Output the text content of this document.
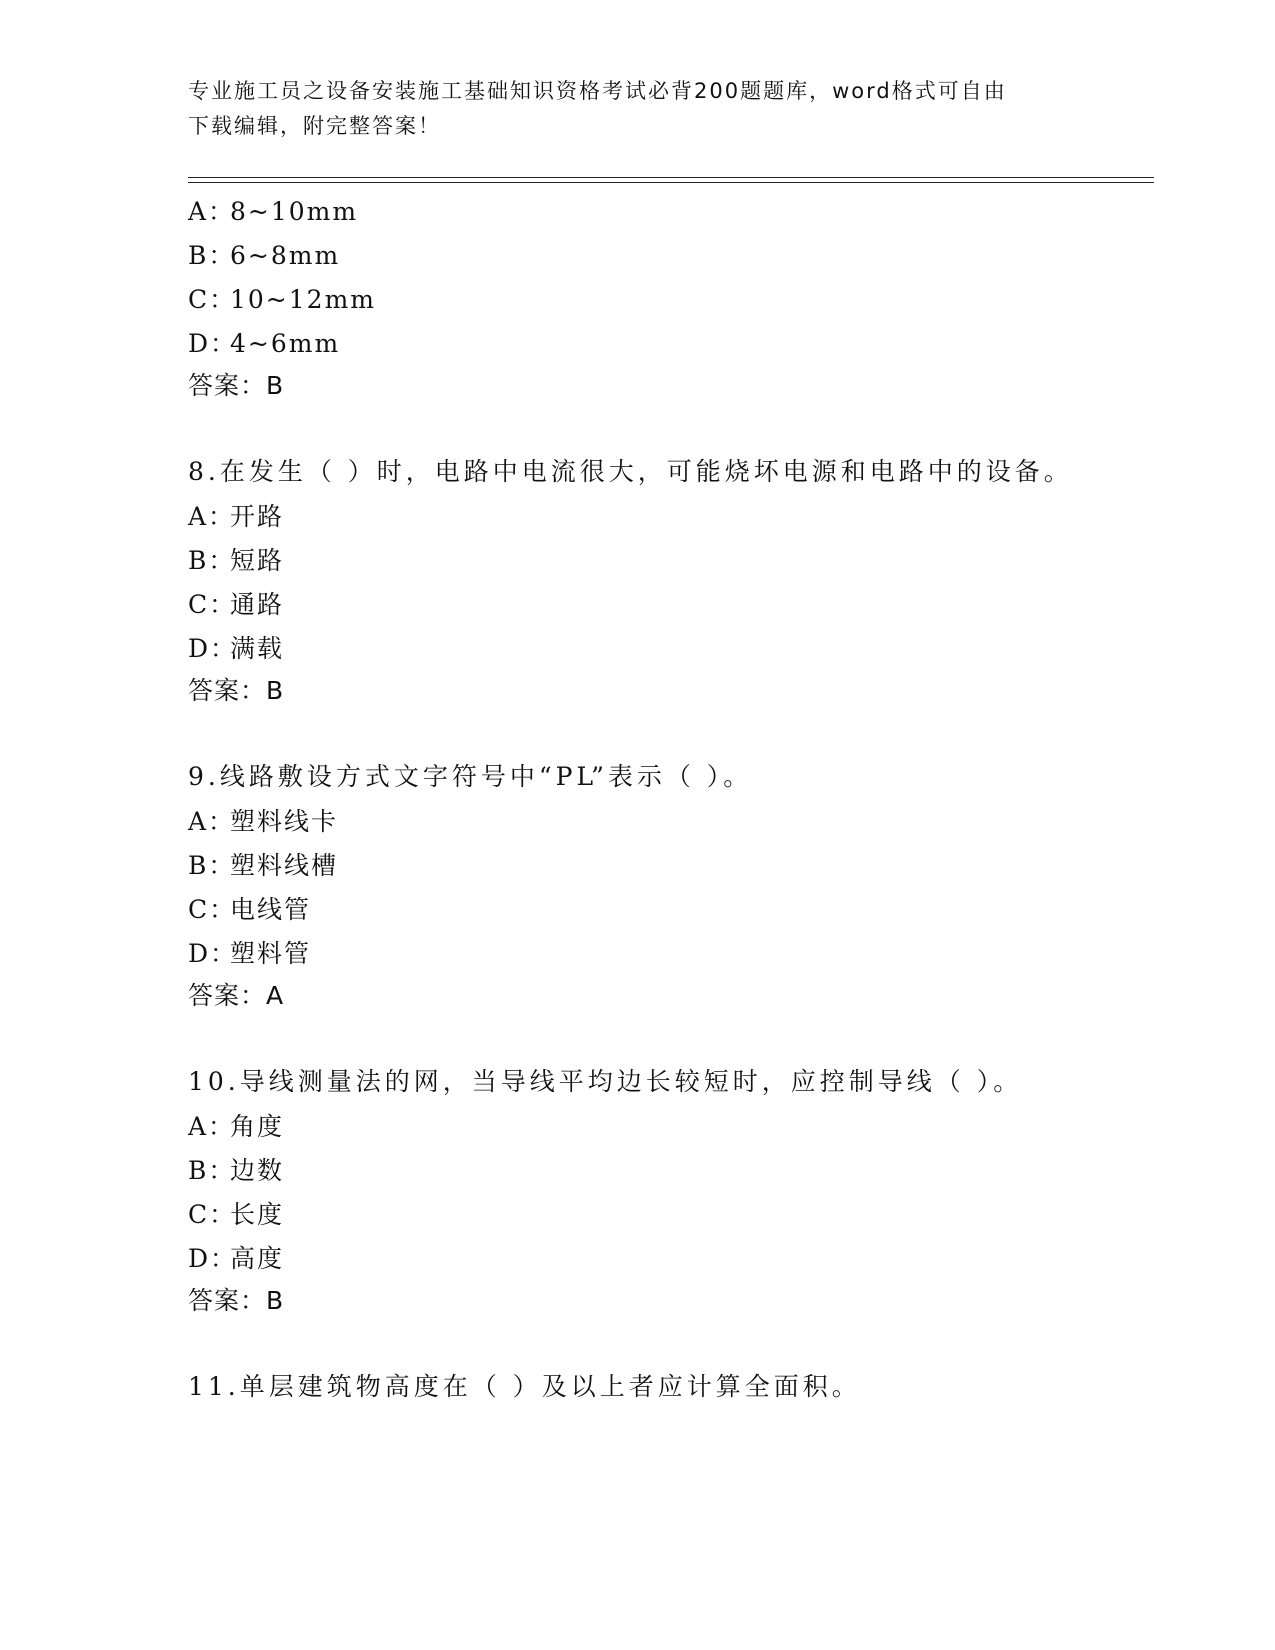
专业施工员之设备安装施工基础知识资格考试必背200题题库，word格式可自由
下载编辑，附完整答案！
A：8~10mm
B：6~8mm
C：10~12mm
D：4~6mm
答案：B
8.在发生（ ）时，电路中电流很大，可能烧坏电源和电路中的设备。
A：开路
B：短路
C：通路
D：满载
答案：B
9.线路敷设方式文字符号中“PL”表示（ ）。
A：塑料线卡
B：塑料线槽
C：电线管
D：塑料管
答案：A
10.导线测量法的网，当导线平均边长较短时，应控制导线（ ）。
A：角度
B：边数
C：长度
D：高度
答案：B
11.单层建筑物高度在（ ）及以上者应计算全面积。
